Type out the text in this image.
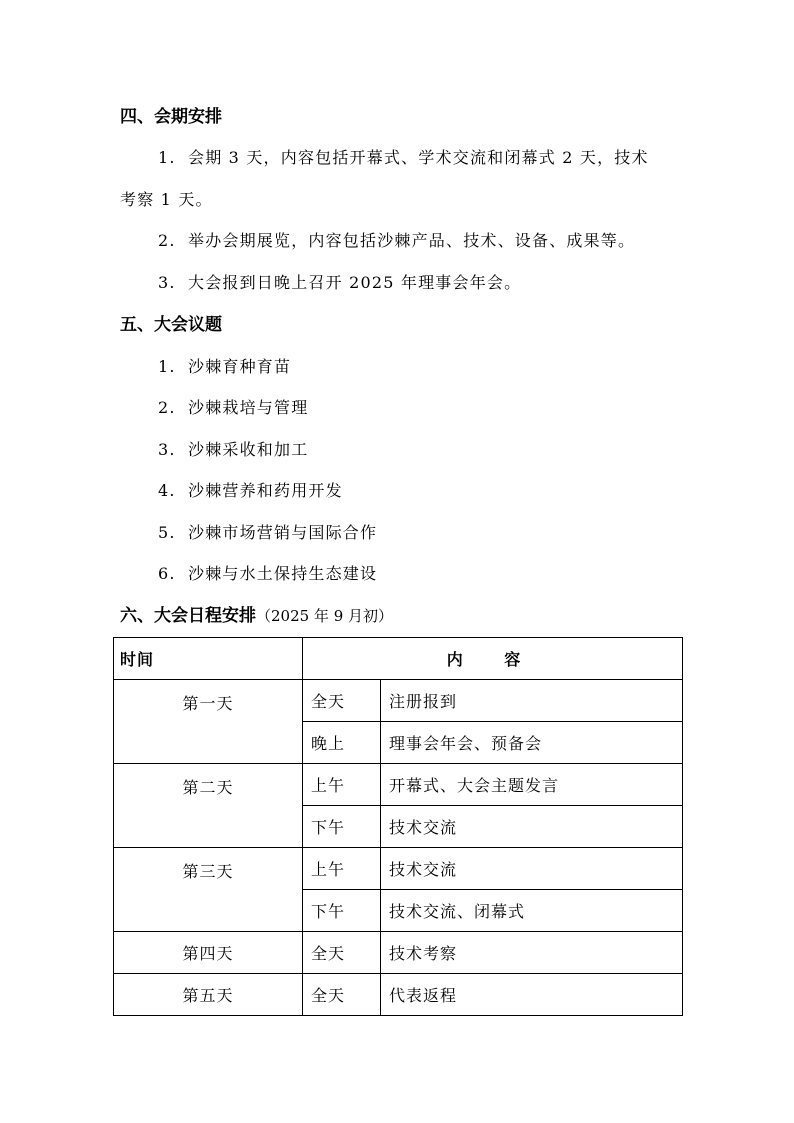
四、会期安排
1. 会期 3 天，内容包括开幕式、学术交流和闭幕式 2 天，技术
考察 1 天。
2. 举办会期展览，内容包括沙棘产品、技术、设备、成果等。
3. 大会报到日晚上召开 2025 年理事会年会。
五、大会议题
1. 沙棘育种育苗
2. 沙棘栽培与管理
3. 沙棘采收和加工
4. 沙棘营养和药用开发
5. 沙棘市场营销与国际合作
6. 沙棘与水土保持生态建设
六、大会日程安排（2025 年 9 月初）
时间	内 容	
第一天	全天	注册报到
	晚上	理事会年会、预备会
第二天	上午	开幕式、大会主题发言
	下午	技术交流
第三天	上午	技术交流
	下午	技术交流、闭幕式
第四天	全天	技术考察
第五天	全天	代表返程
